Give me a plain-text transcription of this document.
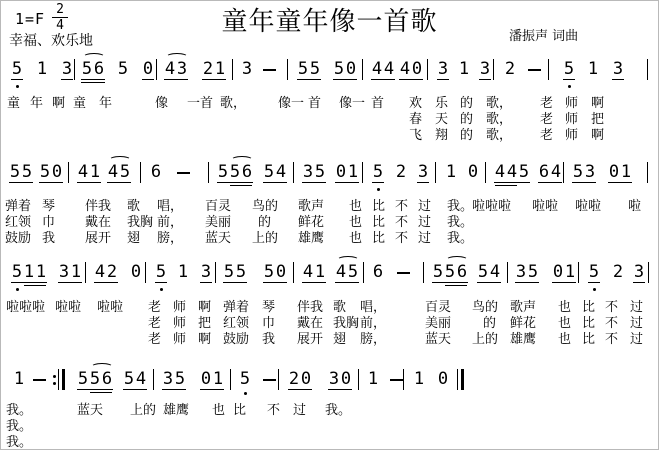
1=F
2
4	童年童年像一首歌	潘振声 词曲
幸福、欢乐地
5 1 3 5 6 5 0 4 3 2 1 3	5 5 5 0 4 4 4 0 3 1 3 2	5 1 3
童 年 啊 童 年	像 一首 歌， 像一 首 像一 首 欢 乐 的 歌， 老 师 啊
春 天 的 歌， 老 师 把
飞 翔 的 歌， 老 师 啊
5 5 5 0 4 1 4 5 6	5 5 6 5 4 3 5 0 1 5 2 3 1 0 4 4 5 6 4 5 3 0 1
弹着 琴 伴我 歌 唱， 百灵 鸟的 歌声 也 比 不 过 我。
啦啦啦 啦啦 啦啦 啦
红领 巾 戴在 我胸 前， 美丽 的 鲜花 也 比 不 过 我。
鼓励 我 展开 翅 膀， 蓝天 上的 雄鹰 也 比 不 过 我。
5 1 1 3 1 4 2 0 5 1 3 5 5 5 0 4 1 4 5 6	5 5 6 5 4 3 5 0 1 5 2 3
啦啦啦 啦啦 啦啦 老 师 啊 弹着 琴 伴我 歌 唱，	百灵 鸟的 歌声 也 比 不 过
老 师 把 红领 巾 戴在 我胸 前，	美丽 的 鲜花 也 比 不 过
老 师 啊 鼓励 我 展开 翅 膀，	蓝天 上的 雄鹰 也 比 不 过
1	5 5 6 5 4 3 5 0 1 5 2 0 3 0 1 1 0
我。	蓝天 上的 雄鹰 也 比 不 过 我。
我。
我。
